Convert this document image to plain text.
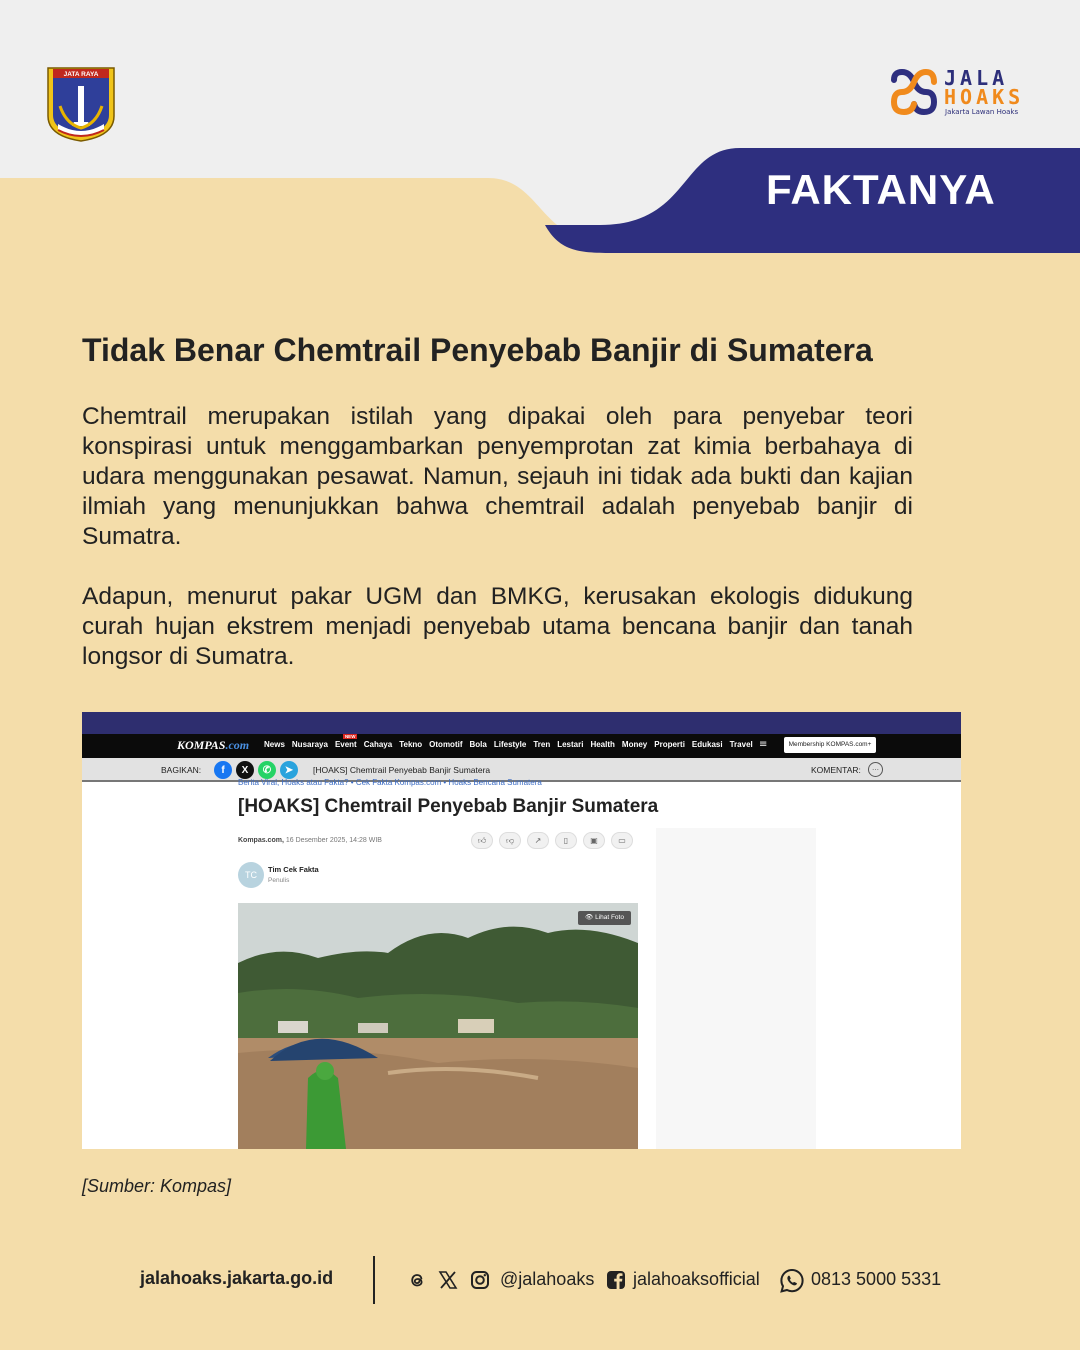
JATA RAYA	JALA
HOAKS
Jakarta Lawan Hoaks
FAKTANYA
Tidak Benar Chemtrail Penyebab Banjir di Sumatera

Chemtrail merupakan istilah yang dipakai oleh para penyebar teori konspirasi untuk menggambarkan penyemprotan zat kimia berbahaya di udara menggunakan pesawat. Namun, sejauh ini tidak ada bukti dan kajian ilmiah yang menunjukkan bahwa chemtrail adalah penyebab banjir di Sumatra.

Adapun, menurut pakar UGM dan BMKG, kerusakan ekologis didukung curah hujan ekstrem menjadi penyebab utama bencana banjir dan tanah longsor di Sumatra.

KOMPAS.com News Nusaraya
NEW
Event Cahaya Tekno Otomotif Bola Lifestyle Tren Lestari Health Money Properti Edukasi Travel ≡	Membership KOMPAS.com+
BAGIKAN:	f	X	✆	➤	[HOAKS] Chemtrail Penyebab Banjir Sumatera	KOMENTAR:	…
Berita Viral, Hoaks atau Fakta? • Cek Fakta Kompas.com • Hoaks Bencana Sumatera
[HOAKS] Chemtrail Penyebab Banjir Sumatera
Kompas.com, 16 Desember 2025, 14:28 WIB	👍︎	👎︎	↗	▯	▣	▭
TC
Tim Cek Fakta
Penulis
👁︎ Lihat Foto
[Sumber: Kompas]
jalahoaks.jakarta.go.id	@jalahoaks jalahoaksofficial	0813 5000 5331
